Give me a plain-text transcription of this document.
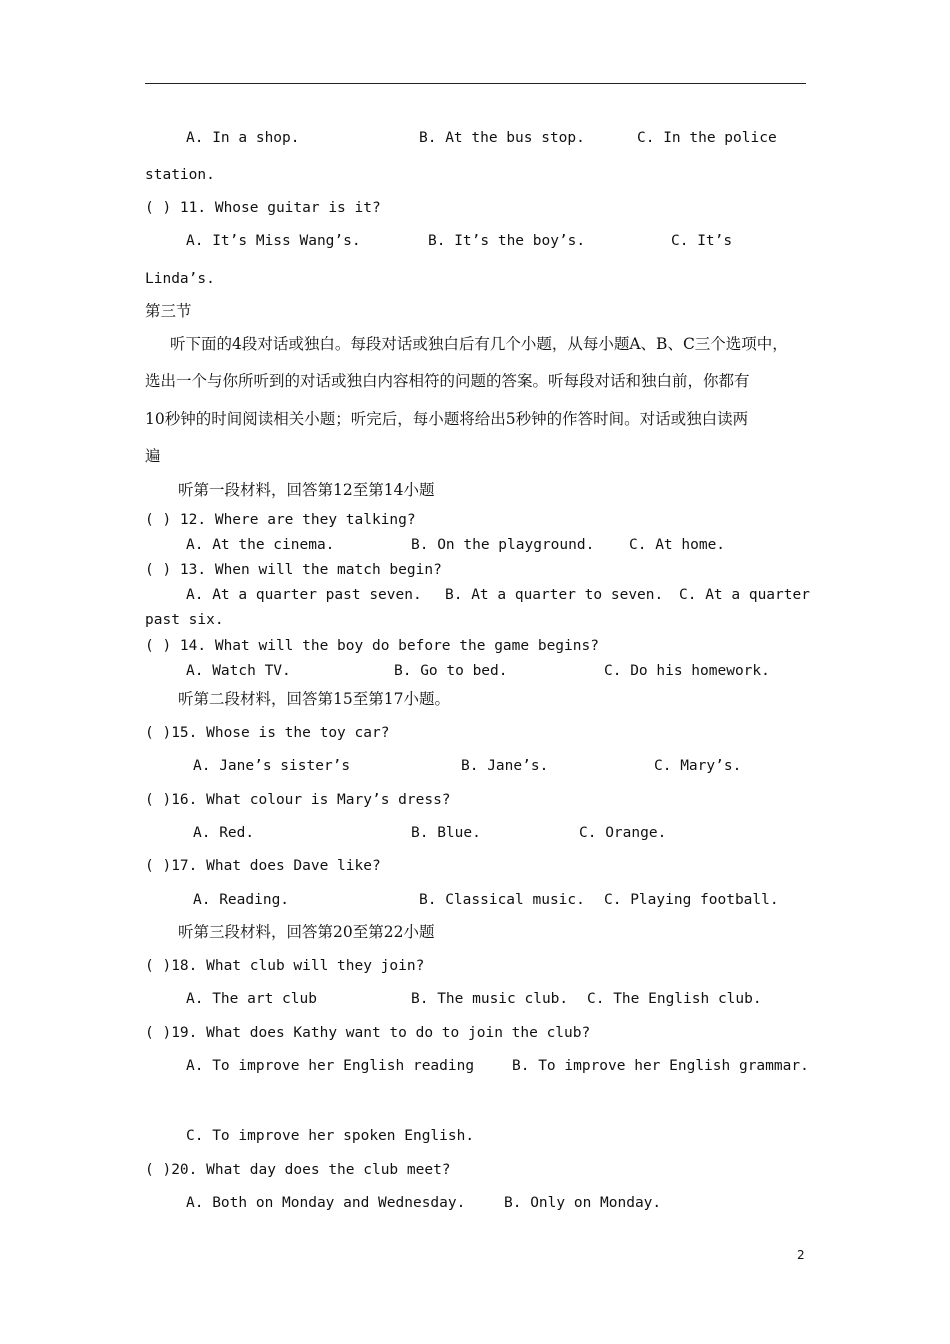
A. In a shop.	B. At the bus stop.	C. In the police
station.
( ) 11. Whose guitar is it?
A. It’s Miss Wang’s.	B. It’s the boy’s.	C. It’s
Linda’s.
第三节
听下面的4段对话或独白。每段对话或独白后有几个小题，从每小题A、B、C三个选项中，
选出一个与你所听到的对话或独白内容相符的问题的答案。听每段对话和独白前，你都有
10秒钟的时间阅读相关小题；听完后，每小题将给出5秒钟的作答时间。对话或独白读两
遍
听第一段材料，回答第12至第14小题
( ) 12. Where are they talking?
A. At the cinema.	B. On the playground. C. At home.
( ) 13. When will the match begin?
A. At a quarter past seven. B. At a quarter to seven. C. At a quarter
past six.
( ) 14. What will the boy do before the game begins?
A. Watch TV.	B. Go to bed.	C. Do his homework.
听第二段材料，回答第15至第17小题。
( )15. Whose is the toy car?
A. Jane’s sister’s	B. Jane’s.	C. Mary’s.
( )16. What colour is Mary’s dress?
A. Red.	B. Blue.	C. Orange.
( )17. What does Dave like?
A. Reading.	B. Classical music. C. Playing football.
听第三段材料，回答第20至第22小题
( )18. What club will they join?
A. The art club	B. The music club. C. The English club.
( )19. What does Kathy want to do to join the club?
A. To improve her English reading	B. To improve her English grammar.
C. To improve her spoken English.
( )20. What day does the club meet?
A. Both on Monday and Wednesday.	B. Only on Monday.
2
